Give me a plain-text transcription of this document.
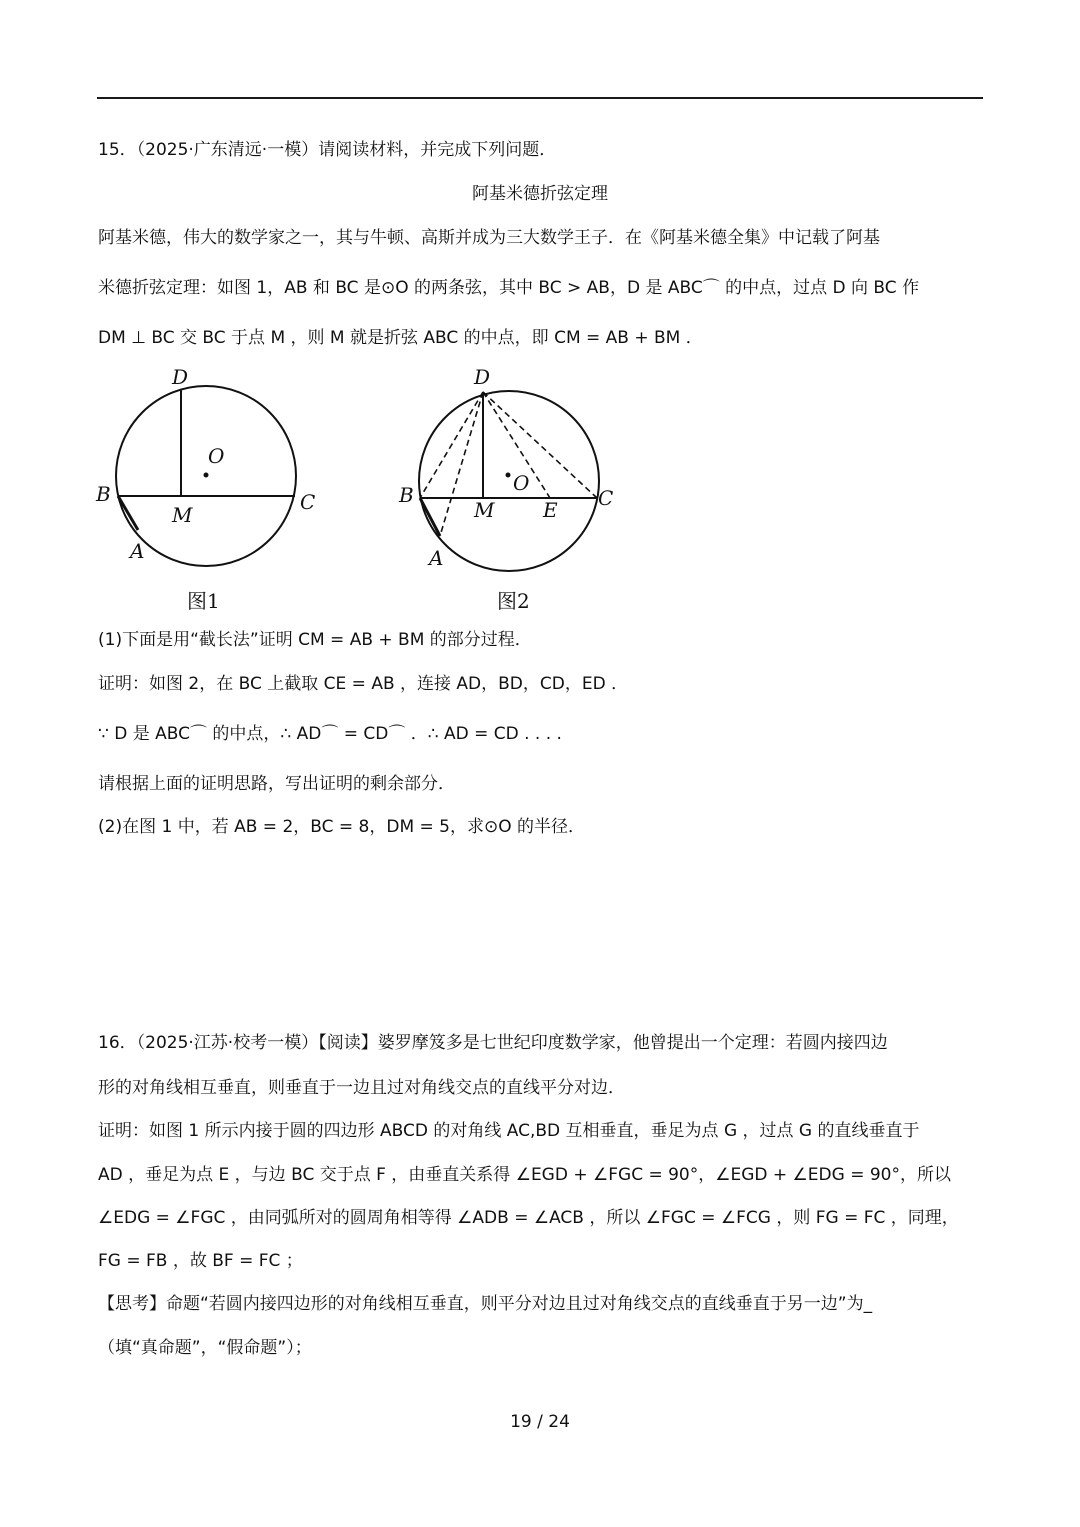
15．（2025·广东清远·一模）请阅读材料，并完成下列问题．
阿基米德折弦定理
阿基米德，伟大的数学家之一，其与牛顿、高斯并成为三大数学王子．在《阿基米德全集》中记载了阿基
米德折弦定理：如图 1，AB 和 BC 是⊙O 的两条弦，其中 BC > AB，D 是 ABC⌒ 的中点，过点 D 向 BC 作
DM ⊥ BC 交 BC 于点 M ，则 M 就是折弦 ABC 的中点，即 CM = AB + BM ．
D
O
B	C
M
A
图1
D
O
B	C
M E
A
图2
(1)下面是用“截长法”证明 CM = AB + BM 的部分过程．
证明：如图 2，在 BC 上截取 CE = AB ，连接 AD，BD，CD，ED ．
∵ D 是 ABC⌒ 的中点，∴ AD⌒ = CD⌒ ．∴ AD = CD . . . .
请根据上面的证明思路，写出证明的剩余部分．
(2)在图 1 中，若 AB = 2，BC = 8，DM = 5，求⊙O 的半径．
16．（2025·江苏·校考一模）【阅读】婆罗摩笈多是七世纪印度数学家，他曾提出一个定理：若圆内接四边
形的对角线相互垂直，则垂直于一边且过对角线交点的直线平分对边．
证明：如图 1 所示内接于圆的四边形 ABCD 的对角线 AC,BD 互相垂直，垂足为点 G ，过点 G 的直线垂直于
AD ，垂足为点 E ，与边 BC 交于点 F ，由垂直关系得 ∠EGD + ∠FGC = 90°，∠EGD + ∠EDG = 90°，所以
∠EDG = ∠FGC ，由同弧所对的圆周角相等得 ∠ADB = ∠ACB ，所以 ∠FGC = ∠FCG ，则 FG = FC ，同理，
FG = FB ，故 BF = FC ；
【思考】命题“若圆内接四边形的对角线相互垂直，则平分对边且过对角线交点的直线垂直于另一边”为_
（填“真命题”，“假命题”）；
19 / 24
